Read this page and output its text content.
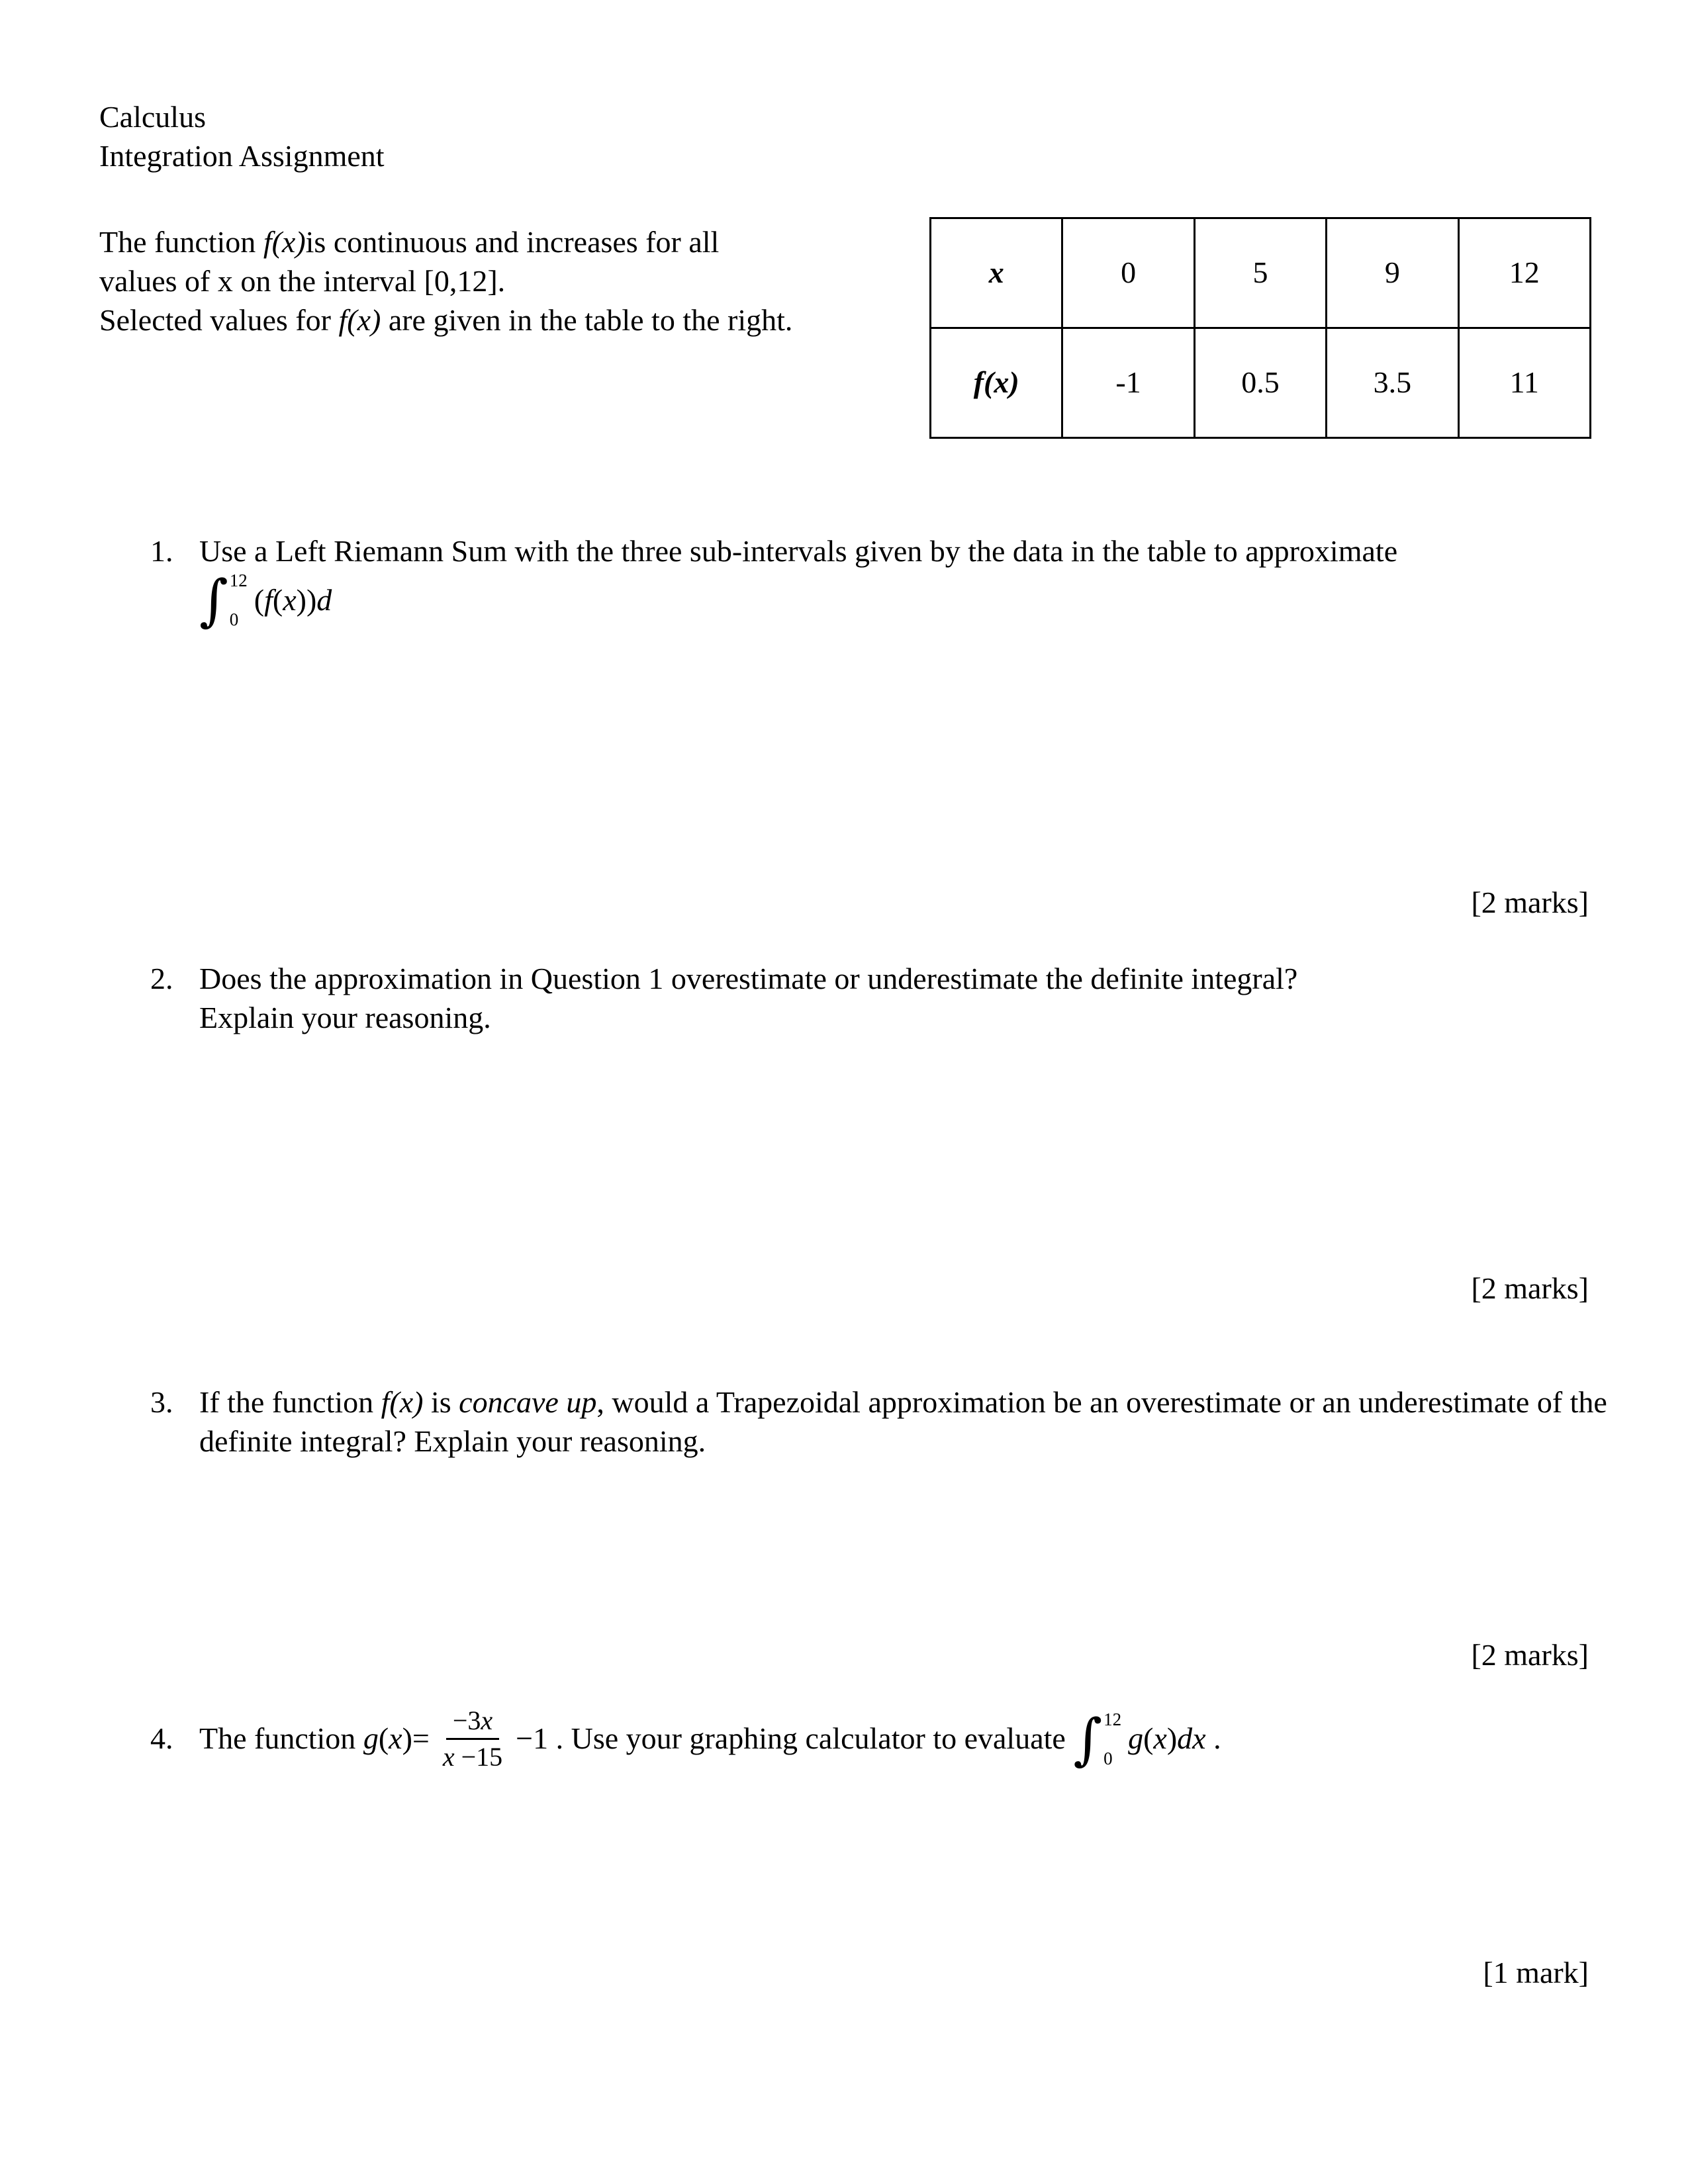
Calculus
Integration Assignment
The function f(x)is continuous and increases for all
values of x on the interval [0,12].
Selected values for f(x) are given in the table to the right.
x	0	5	9	12
f(x)	-1	0.5	3.5	11
1. Use a Left Riemann Sum with the three sub-intervals given by the data in the table to approximate
∫ 12
0
(f(x))d
[2 marks]
2. Does the approximation in Question 1 overestimate or underestimate the definite integral?
Explain your reasoning.
[2 marks]
3. If the function f(x) is concave up, would a Trapezoidal approximation be an overestimate or an underestimate of the definite integral? Explain your reasoning.
[2 marks]
4. The function $g(x)= \frac{-3x}{x -15} -1$ . Use your graphing calculator to evaluate ∫ 12
0
g(x)dx .
[1 mark]
